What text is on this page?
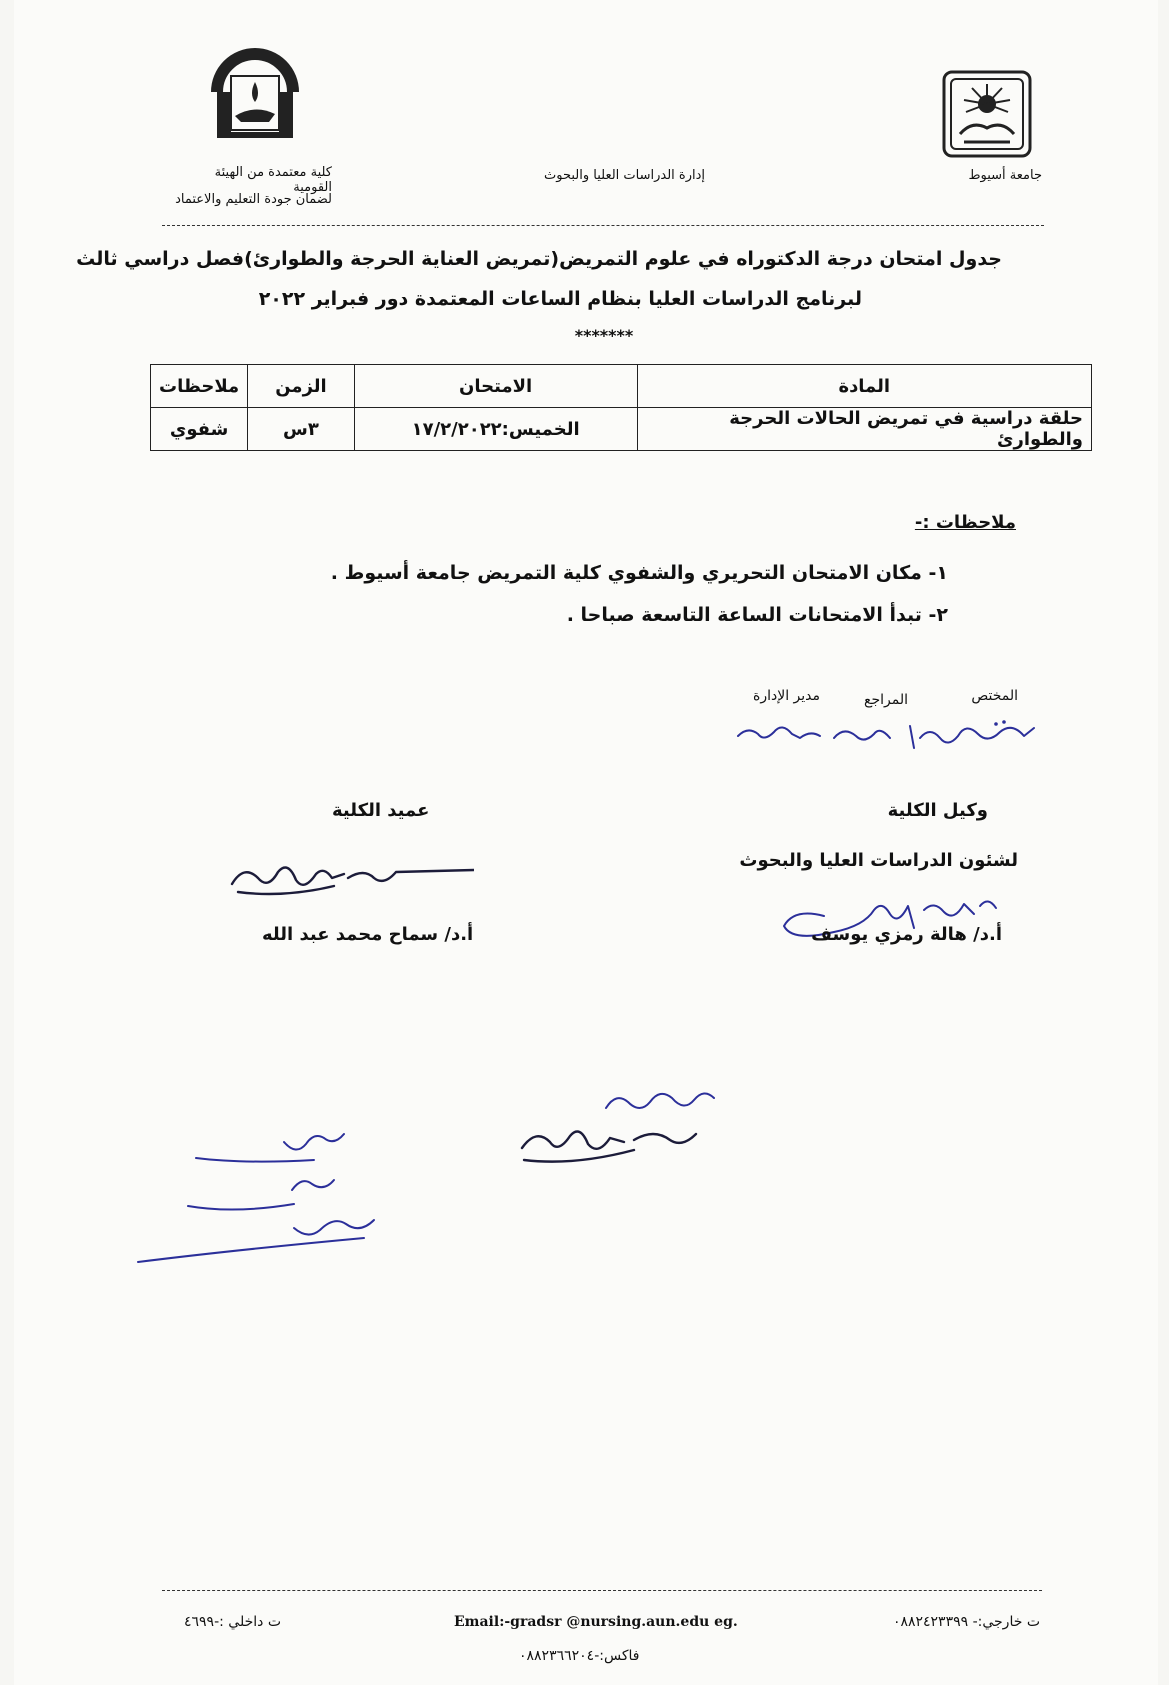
جامعة أسيوط
إدارة الدراسات العليا والبحوث
كلية معتمدة من الهيئة القومية
لضمان جودة التعليم والاعتماد
جدول امتحان درجة الدكتوراه في علوم التمريض(تمريض العناية الحرجة والطوارئ)فصل دراسي ثالث
لبرنامج الدراسات العليا بنظام الساعات المعتمدة دور فبراير ٢٠٢٢
*******
المادة	الامتحان	الزمن	ملاحظات
حلقة دراسية في تمريض الحالات الحرجة والطوارئ	الخميس:١٧/٢/٢٠٢٢	٣س	شفوي
ملاحظات :-
١- مكان الامتحان التحريري والشفوي كلية التمريض جامعة أسيوط .
٢- تبدأ الامتحانات الساعة التاسعة صباحا .
المختص
المراجع
مدير الإدارة
وكيل الكلية
لشئون الدراسات العليا والبحوث
عميد الكلية
أ.د/ هالة رمزي يوسف
أ.د/ سماح محمد عبد الله
ت خارجي:- ٠٨٨٢٤٢٣٣٩٩
Email:-gradsr @nursing.aun.edu eg.
ت داخلي :-٤٦٩٩
فاكس:-٠٨٨٢٣٦٦٢٠٤
